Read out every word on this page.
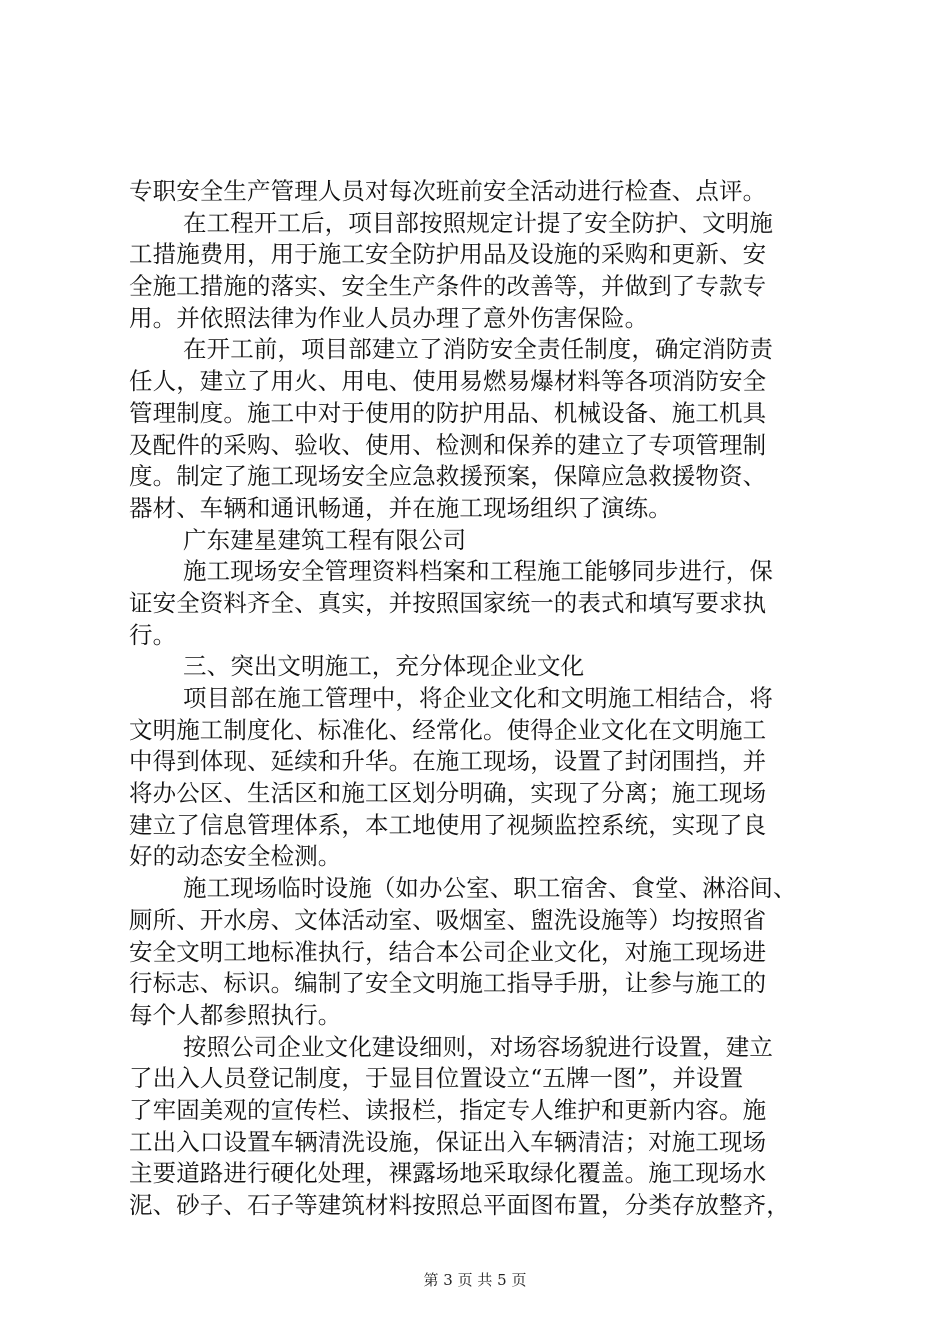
专职安全生产管理人员对每次班前安全活动进行检查、点评。
在工程开工后，项目部按照规定计提了安全防护、文明施
工措施费用，用于施工安全防护用品及设施的采购和更新、安
全施工措施的落实、安全生产条件的改善等，并做到了专款专
用。并依照法律为作业人员办理了意外伤害保险。
在开工前，项目部建立了消防安全责任制度，确定消防责
任人，建立了用火、用电、使用易燃易爆材料等各项消防安全
管理制度。施工中对于使用的防护用品、机械设备、施工机具
及配件的采购、验收、使用、检测和保养的建立了专项管理制
度。制定了施工现场安全应急救援预案，保障应急救援物资、
器材、车辆和通讯畅通，并在施工现场组织了演练。
广东建星建筑工程有限公司
施工现场安全管理资料档案和工程施工能够同步进行，保
证安全资料齐全、真实，并按照国家统一的表式和填写要求执
行。
三、突出文明施工，充分体现企业文化
项目部在施工管理中，将企业文化和文明施工相结合，将
文明施工制度化、标准化、经常化。使得企业文化在文明施工
中得到体现、延续和升华。在施工现场，设置了封闭围挡，并
将办公区、生活区和施工区划分明确，实现了分离；施工现场
建立了信息管理体系，本工地使用了视频监控系统，实现了良
好的动态安全检测。
施工现场临时设施（如办公室、职工宿舍、食堂、淋浴间、
厕所、开水房、文体活动室、吸烟室、盥洗设施等）均按照省
安全文明工地标准执行，结合本公司企业文化，对施工现场进
行标志、标识。编制了安全文明施工指导手册，让参与施工的
每个人都参照执行。
按照公司企业文化建设细则，对场容场貌进行设置，建立
了出入人员登记制度，于显目位置设立“五牌一图”，并设置
了牢固美观的宣传栏、读报栏，指定专人维护和更新内容。施
工出入口设置车辆清洗设施，保证出入车辆清洁；对施工现场
主要道路进行硬化处理，裸露场地采取绿化覆盖。施工现场水
泥、砂子、石子等建筑材料按照总平面图布置，分类存放整齐，
第 3 页 共 5 页
